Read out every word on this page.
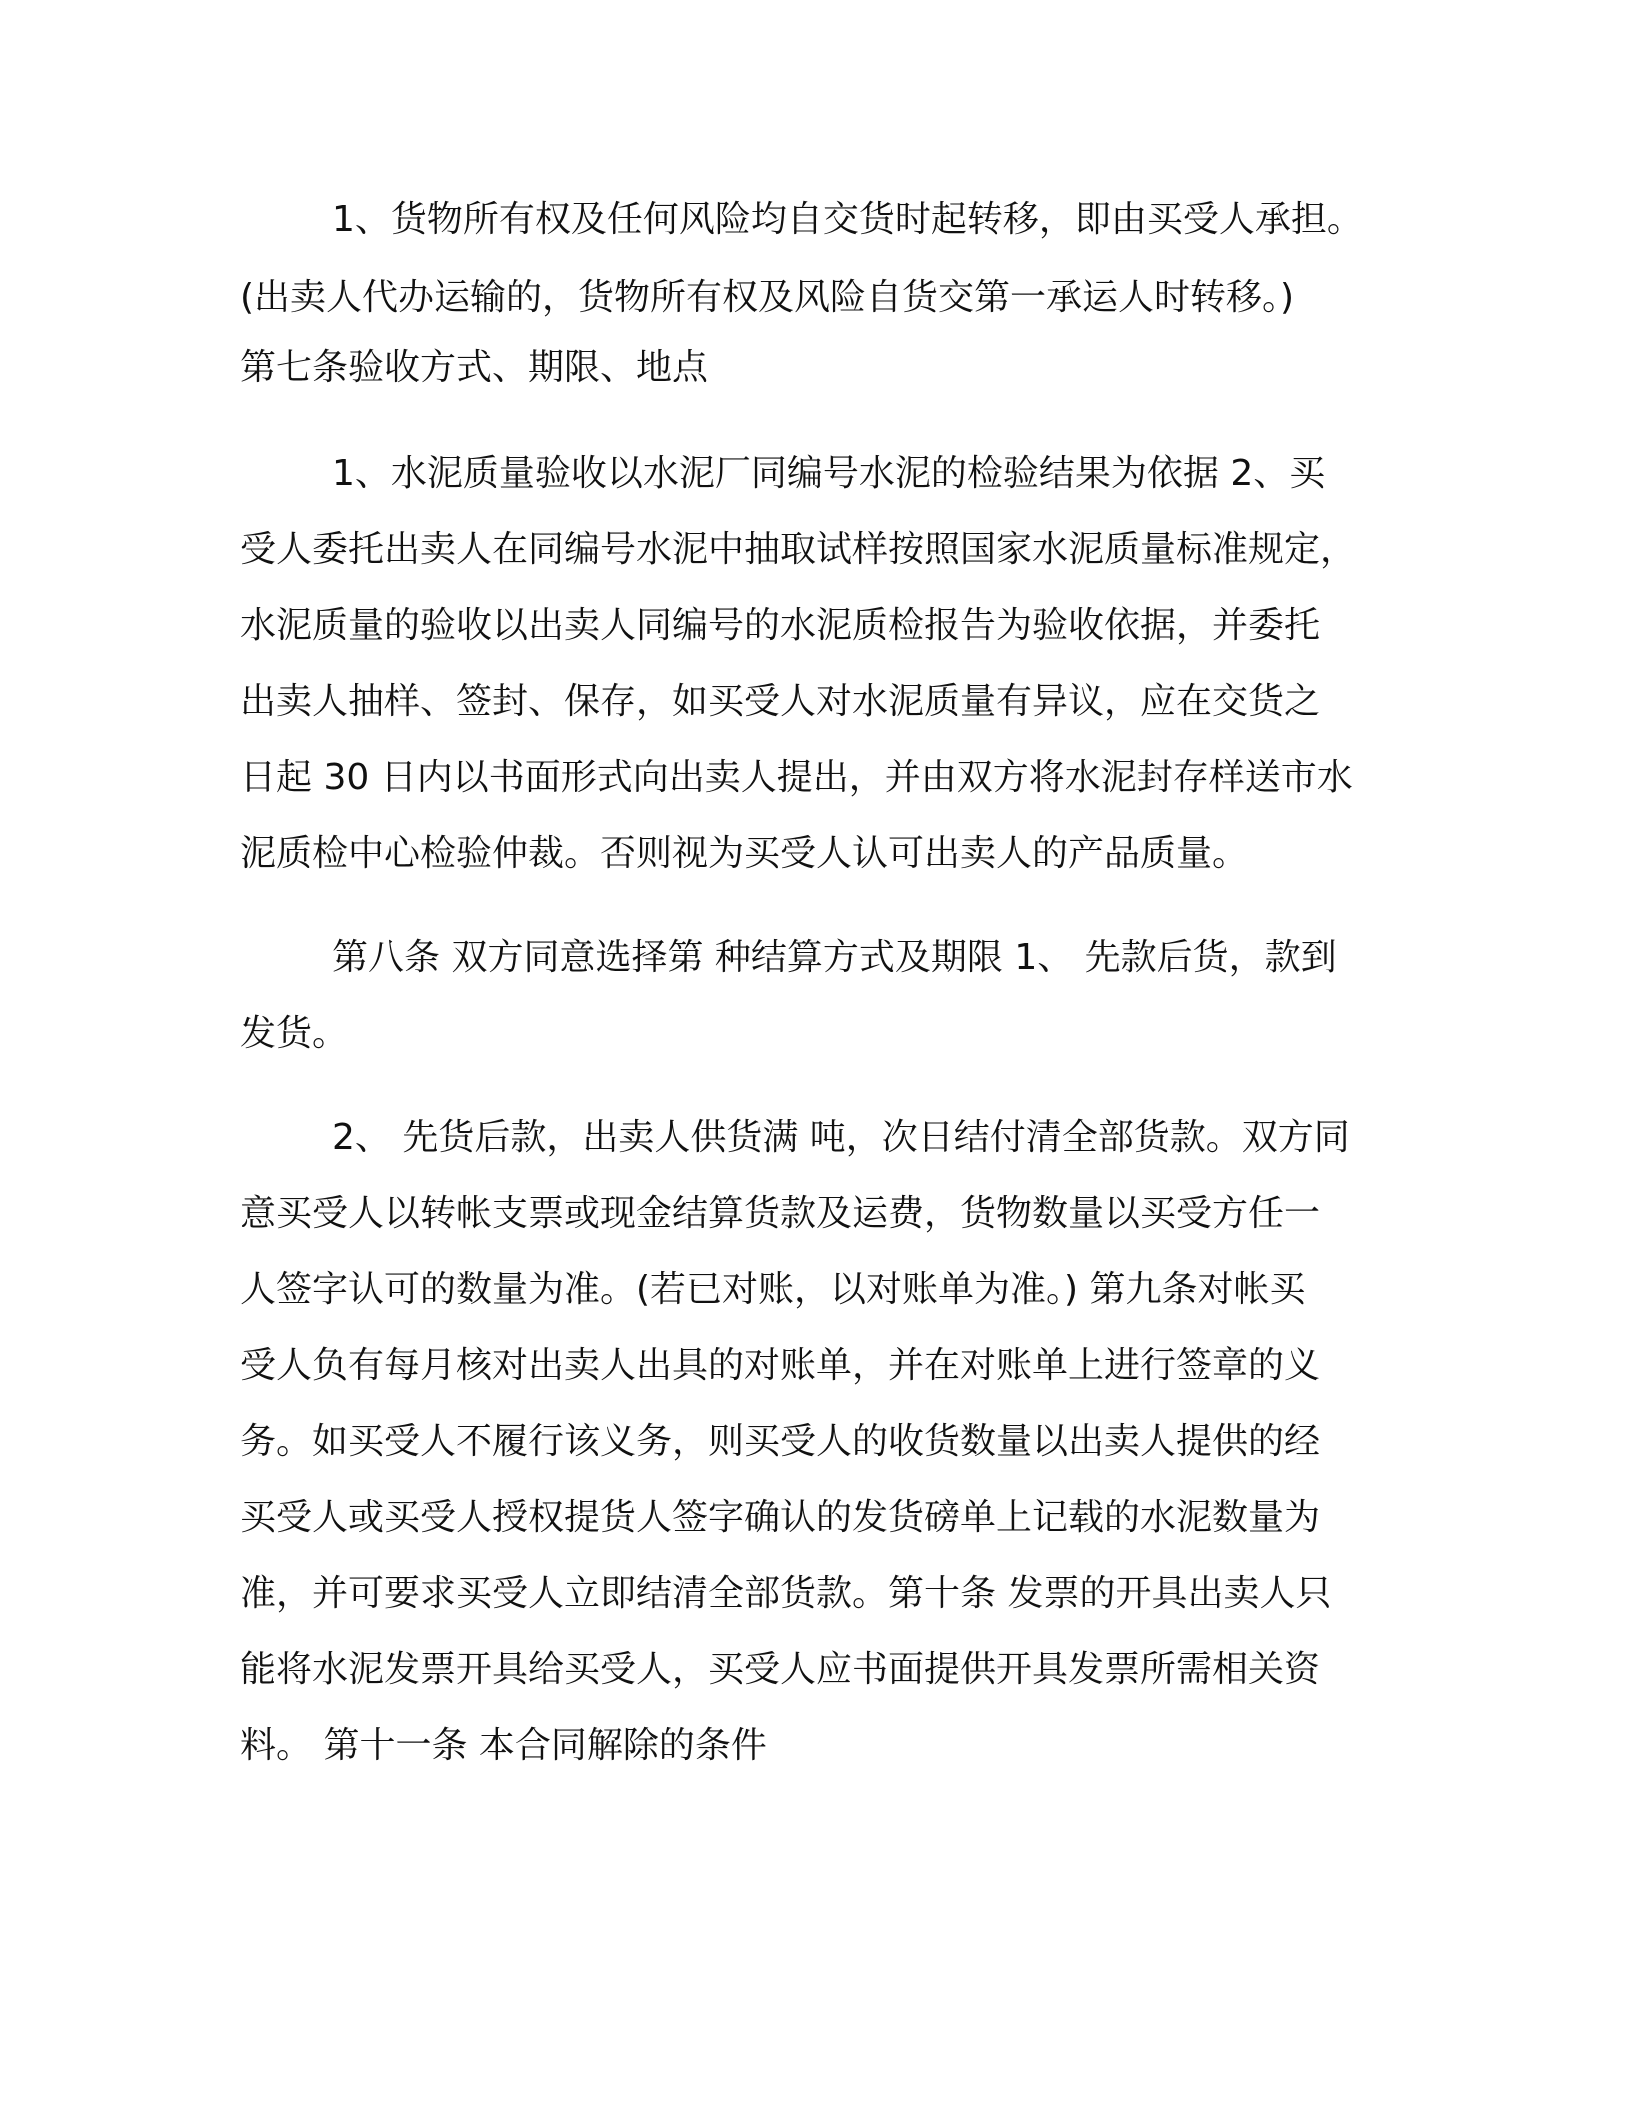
1、货物所有权及任何风险均自交货时起转移，即由买受人承担。

(出卖人代办运输的，货物所有权及风险自货交第一承运人时转移。)

第七条验收方式、期限、地点

1、水泥质量验收以水泥厂同编号水泥的检验结果为依据 2、买

受人委托出卖人在同编号水泥中抽取试样按照国家水泥质量标准规定，

水泥质量的验收以出卖人同编号的水泥质检报告为验收依据，并委托

出卖人抽样、签封、保存，如买受人对水泥质量有异议，应在交货之

日起 30 日内以书面形式向出卖人提出，并由双方将水泥封存样送市水

泥质检中心检验仲裁。否则视为买受人认可出卖人的产品质量。

第八条 双方同意选择第 种结算方式及期限 1、 先款后货，款到

发货。

2、 先货后款，出卖人供货满 吨，次日结付清全部货款。双方同

意买受人以转帐支票或现金结算货款及运费，货物数量以买受方任一

人签字认可的数量为准。(若已对账，以对账单为准。) 第九条对帐买

受人负有每月核对出卖人出具的对账单，并在对账单上进行签章的义

务。如买受人不履行该义务，则买受人的收货数量以出卖人提供的经

买受人或买受人授权提货人签字确认的发货磅单上记载的水泥数量为

准，并可要求买受人立即结清全部货款。第十条 发票的开具出卖人只

能将水泥发票开具给买受人，买受人应书面提供开具发票所需相关资

料。 第十一条 本合同解除的条件
